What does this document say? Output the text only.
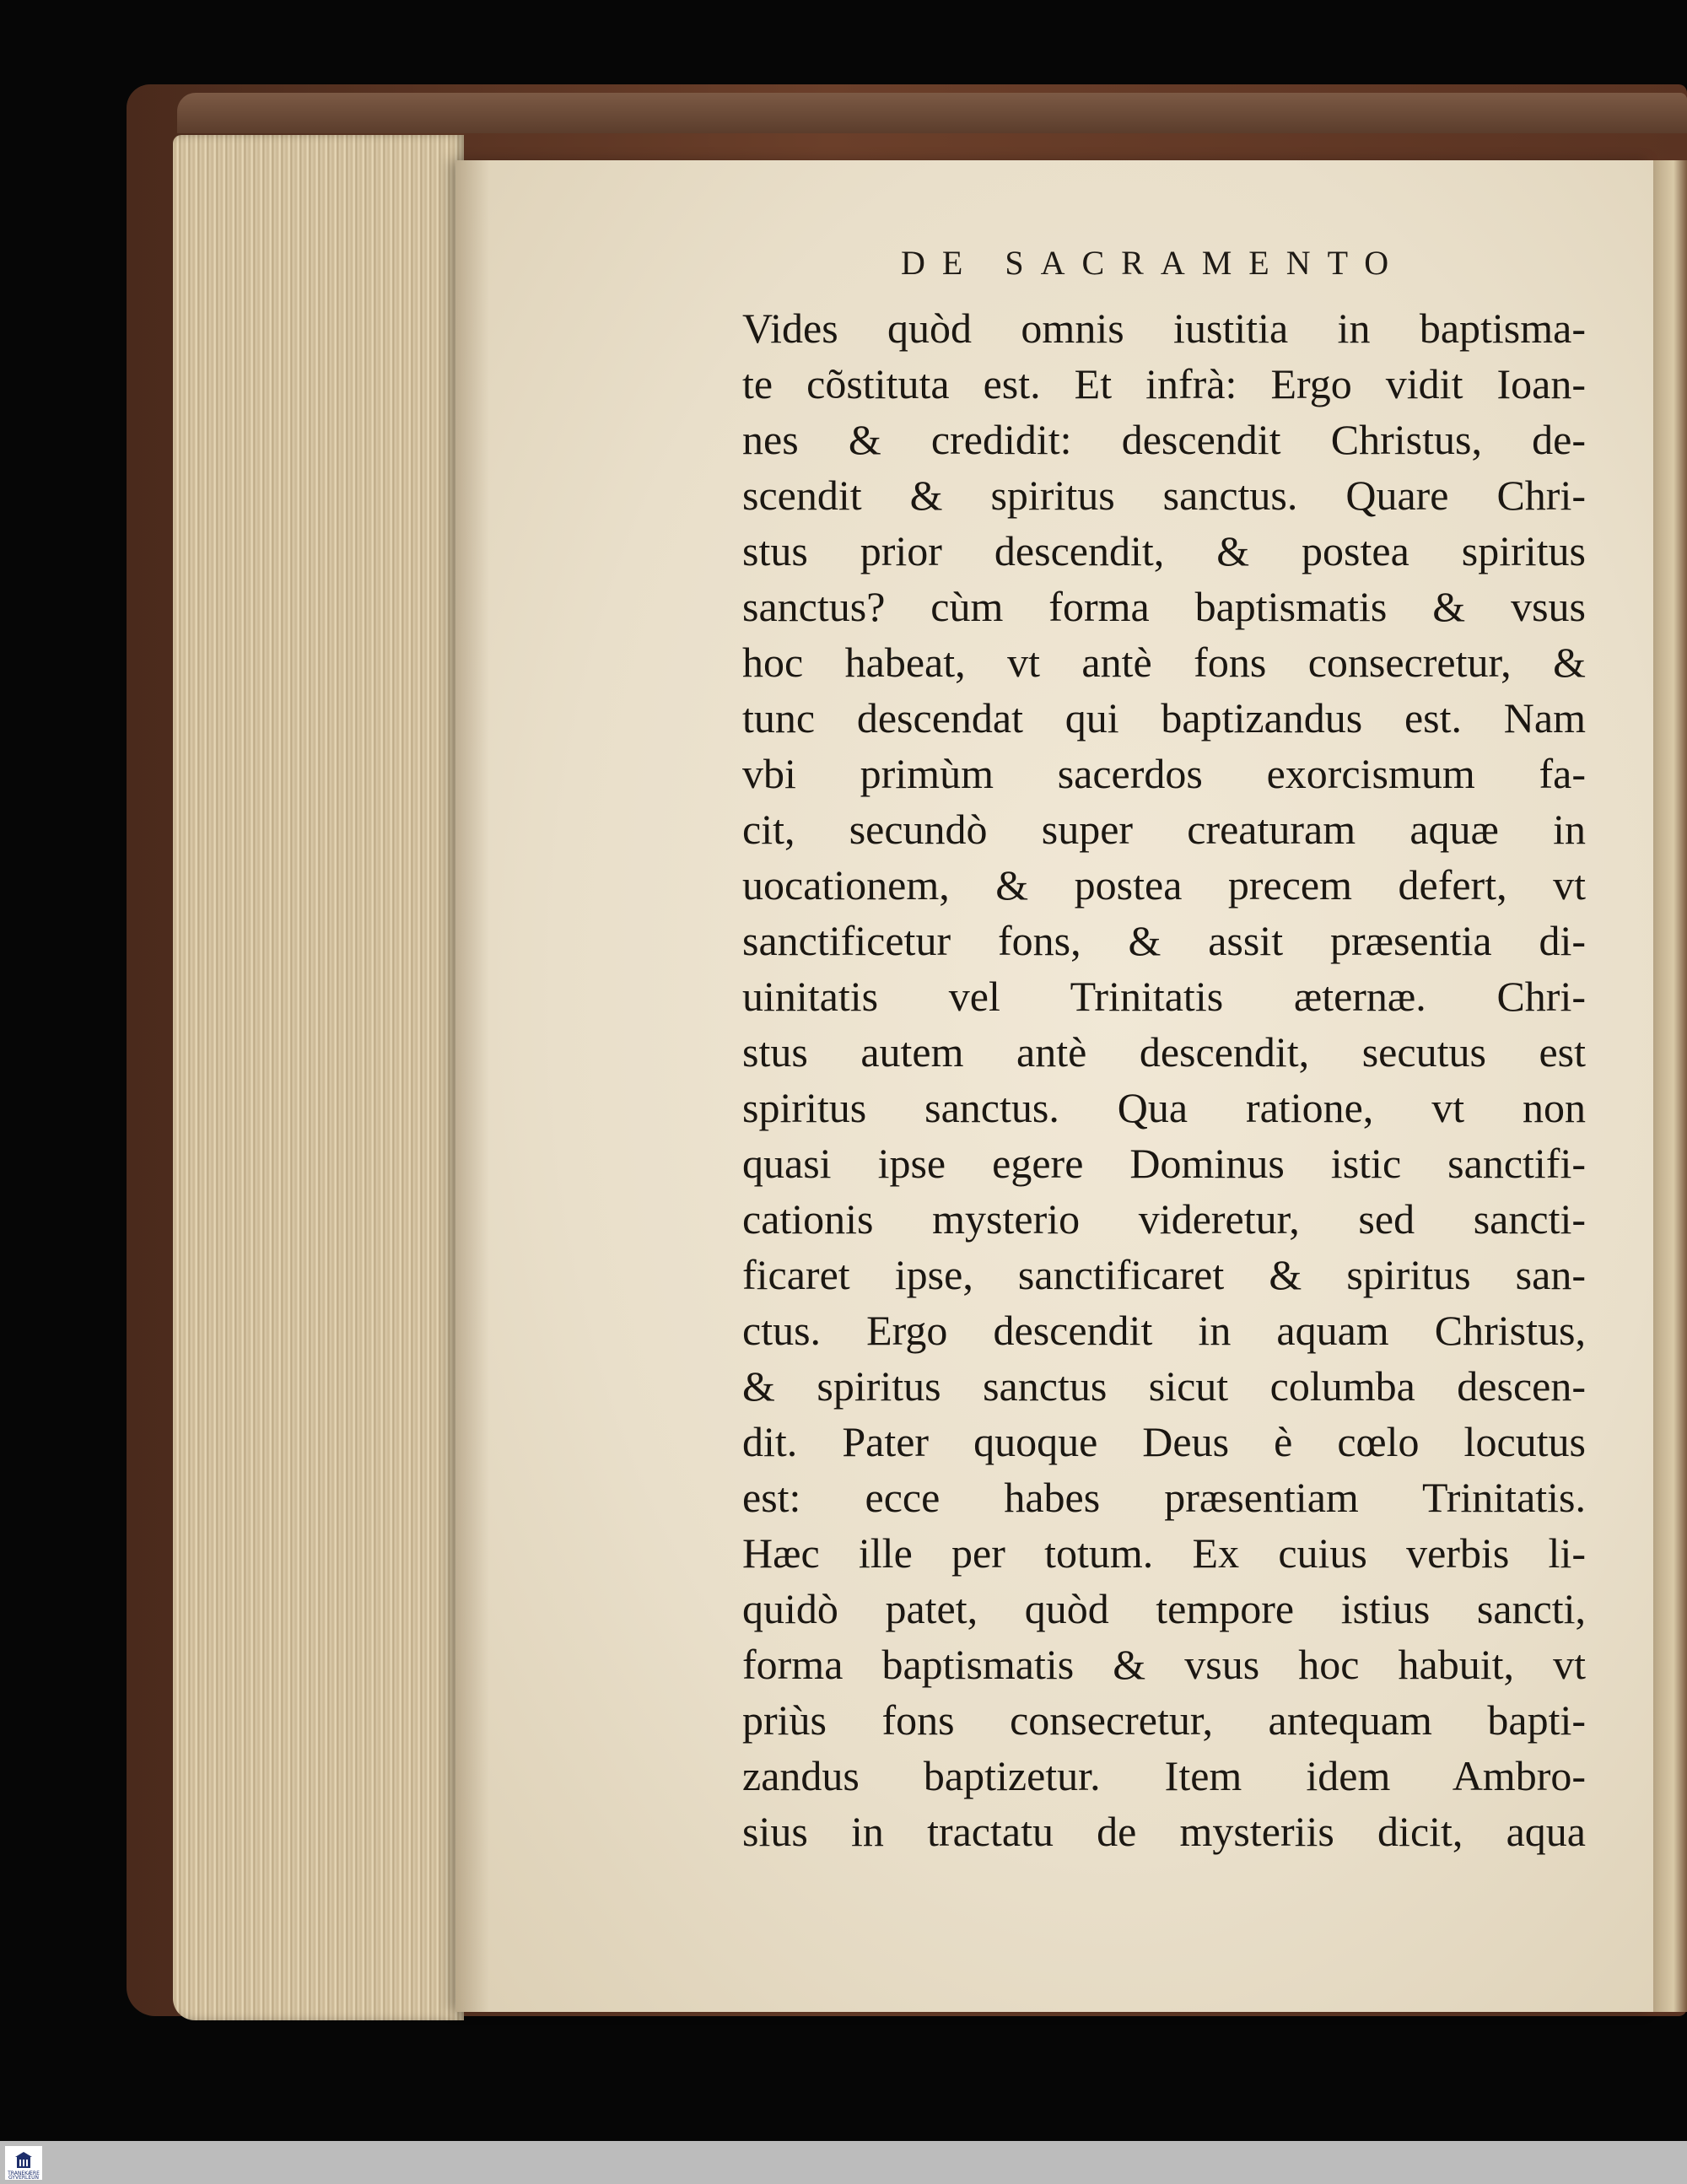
DE SACRAMENTO
Vides quòd omnis iustitia in baptisma-
te cõstituta est. Et infrà: Ergo vidit Ioan-
nes & credidit: descendit Christus, de-
scendit & spiritus sanctus. Quare Chri-
stus prior descendit, & postea spiritus
sanctus? cùm forma baptismatis & vsus
hoc habeat, vt antè fons consecretur, &
tunc descendat qui baptizandus est. Nam
vbi primùm sacerdos exorcismum fa-
cit, secundò super creaturam aquæ in
uocationem, & postea precem defert, vt
sanctificetur fons, & assit præsentia di-
uinitatis vel Trinitatis æternæ. Chri-
stus autem antè descendit, secutus est
spiritus sanctus. Qua ratione, vt non
quasi ipse egere Dominus istic sanctifi-
cationis mysterio videretur, sed sancti-
ficaret ipse, sanctificaret & spiritus san-
ctus. Ergo descendit in aquam Christus,
& spiritus sanctus sicut columba descen-
dit. Pater quoque Deus è cœlo locutus
est: ecce habes præsentiam Trinitatis.
Hæc ille per totum. Ex cuius verbis li-
quidò patet, quòd tempore istius sancti,
forma baptismatis & vsus hoc habuit, vt
priùs fons consecretur, antequam bapti-
zandus baptizetur. Item idem Ambro-
sius in tractatu de mysteriis dicit, aqua
TRANEKÆRE GYVERLEUN
